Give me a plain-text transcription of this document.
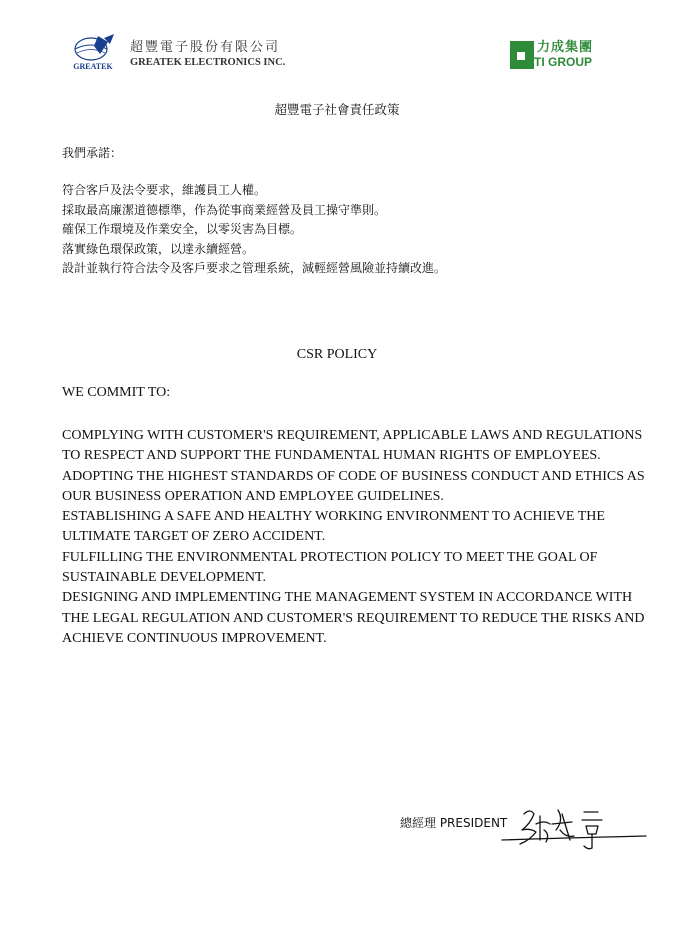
GREATEK
超豐電子股份有限公司
GREATEK ELECTRONICS INC.
力成集團
TI GROUP
超豐電子社會責任政策
我們承諾：
符合客戶及法令要求，維護員工人權。
採取最高廉潔道德標準，作為從事商業經營及員工操守準則。
確保工作環境及作業安全，以零災害為目標。
落實綠色環保政策，以達永續經營。
設計並執行符合法令及客戶要求之管理系統，減輕經營風險並持續改進。
CSR POLICY
WE COMMIT TO:
COMPLYING WITH CUSTOMER'S REQUIREMENT, APPLICABLE LAWS AND REGULATIONS TO RESPECT AND SUPPORT THE FUNDAMENTAL HUMAN RIGHTS OF EMPLOYEES.
ADOPTING THE HIGHEST STANDARDS OF CODE OF BUSINESS CONDUCT AND ETHICS AS OUR BUSINESS OPERATION AND EMPLOYEE GUIDELINES.
ESTABLISHING A SAFE AND HEALTHY WORKING ENVIRONMENT TO ACHIEVE THE ULTIMATE TARGET OF ZERO ACCIDENT.
FULFILLING THE ENVIRONMENTAL PROTECTION POLICY TO MEET THE GOAL OF SUSTAINABLE DEVELOPMENT.
DESIGNING AND IMPLEMENTING THE MANAGEMENT SYSTEM IN ACCORDANCE WITH THE LEGAL REGULATION AND CUSTOMER'S REQUIREMENT TO REDUCE THE RISKS AND ACHIEVE CONTINUOUS IMPROVEMENT.
總經理 PRESIDENT
